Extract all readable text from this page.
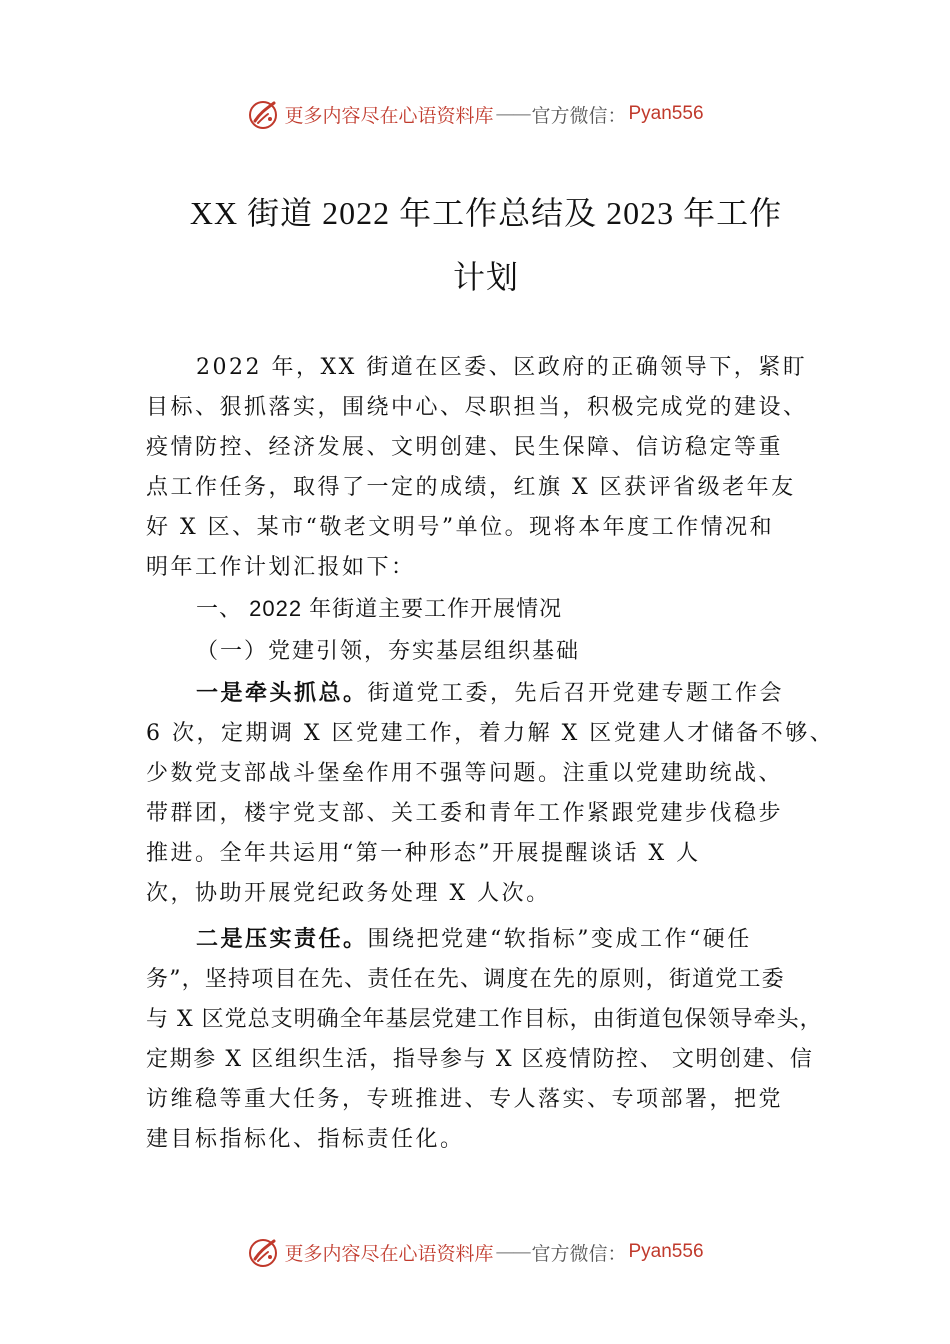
更多内容尽在心语资料库 —— 官方微信： Pyan556
XX 街道 2022 年工作总结及 2023 年工作
计划
2022 年，XX 街道在区委、区政府的正确领导下，紧盯
目标、狠抓落实，围绕中心、尽职担当，积极完成党的建设、
疫情防控、经济发展、文明创建、民生保障、信访稳定等重
点工作任务，取得了一定的成绩，红旗 X 区获评省级老年友
好 X 区、某市“敬老文明号”单位。现将本年度工作情况和
明年工作计划汇报如下：
一、 2022 年街道主要工作开展情况
（一）党建引领，夯实基层组织基础
一是牵头抓总。街道党工委，先后召开党建专题工作会
6 次，定期调 X 区党建工作，着力解 X 区党建人才储备不够、
少数党支部战斗堡垒作用不强等问题。注重以党建助统战、
带群团，楼宇党支部、关工委和青年工作紧跟党建步伐稳步
推进。全年共运用“第一种形态”开展提醒谈话 X 人
次，协助开展党纪政务处理 X 人次。
二是压实责任。围绕把党建“软指标”变成工作“硬任
务”，坚持项目在先、责任在先、调度在先的原则，街道党工委
与 X 区党总支明确全年基层党建工作目标，由街道包保领导牵头，
定期参 X 区组织生活，指导参与 X 区疫情防控、 文明创建、信
访维稳等重大任务，专班推进、专人落实、专项部署，把党
建目标指标化、指标责任化。
更多内容尽在心语资料库 —— 官方微信： Pyan556
